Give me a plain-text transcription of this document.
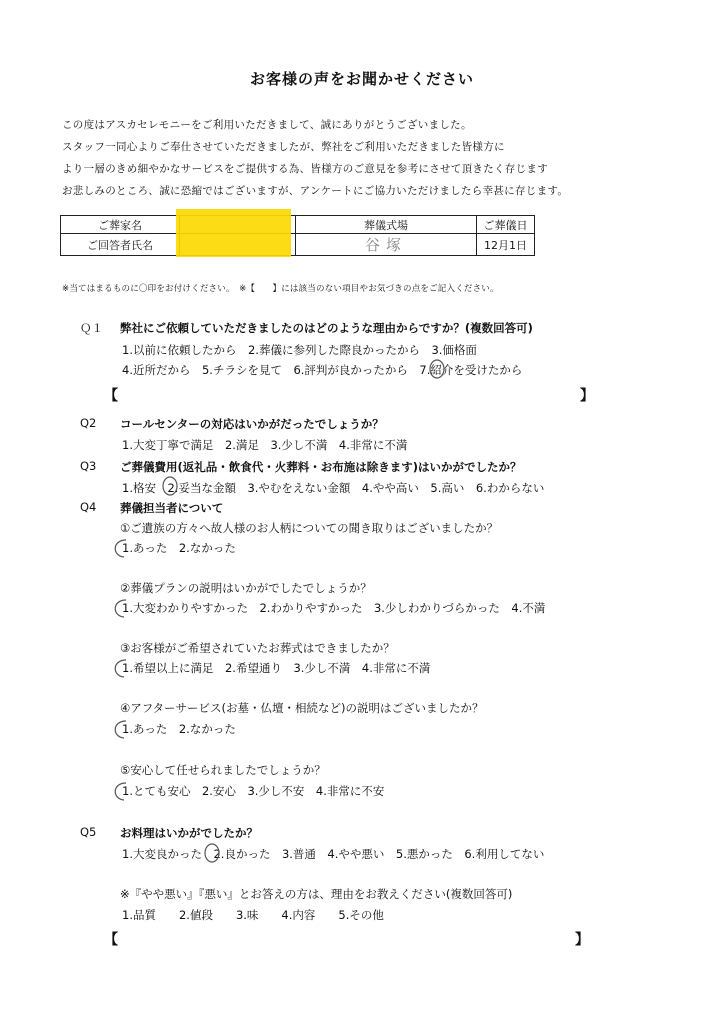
お客様の声をお聞かせください
この度はアスカセレモニーをご利用いただきまして、誠にありがとうございました。
スタッフ一同心よりご奉仕させていただきましたが、弊社をご利用いただきました皆様方に
より一層のきめ細やかなサービスをご提供する為、皆様方のご意見を参考にさせて頂きたく存じます
お悲しみのところ、誠に恐縮ではございますが、アンケートにご協力いただけましたら幸甚に存じます。
ご葬家名		葬儀式場	ご葬儀日
ご回答者氏名		谷塚	12月1日
※当てはまるものに〇印をお付けください。　※【　　】には該当のない項目やお気づきの点をご記入ください。
Ｑ１ 弊社にご依頼していただきましたのはどのような理由からですか？(複数回答可)
1.以前に依頼したから　2.葬儀に参列した際良かったから　3.価格面
4.近所だから　5.チラシを見て　6.評判が良かったから　7.紹介を受けたから
【	】
Q2 コールセンターの対応はいかがだったでしょうか？
1.大変丁寧で満足　2.満足　3.少し不満　4.非常に不満
Q3 ご葬儀費用(返礼品・飲食代・火葬料・お布施は除きます)はいかがでしたか？
1.格安　2.妥当な金額　3.やむをえない金額　4.やや高い　5.高い　6.わからない
Q4 葬儀担当者について
①ご遺族の方々へ故人様のお人柄についての聞き取りはございましたか？
1.あった　2.なかった
②葬儀プランの説明はいかがでしたでしょうか？
1.大変わかりやすかった　2.わかりやすかった　3.少しわかりづらかった　4.不満
③お客様がご希望されていたお葬式はできましたか？
1.希望以上に満足　2.希望通り　3.少し不満　4.非常に不満
④アフターサービス(お墓・仏壇・相続など)の説明はございましたか？
1.あった　2.なかった
⑤安心して任せられましたでしょうか？
1.とても安心　2.安心　3.少し不安　4.非常に不安
Q5 お料理はいかがでしたか？
1.大変良かった　2.良かった　3.普通　4.やや悪い　5.悪かった　6.利用してない
※『やや悪い』『悪い』とお答えの方は、理由をお教えください(複数回答可)
1.品質　　2.値段　　3.味　　4.内容　　5.その他
【	】
